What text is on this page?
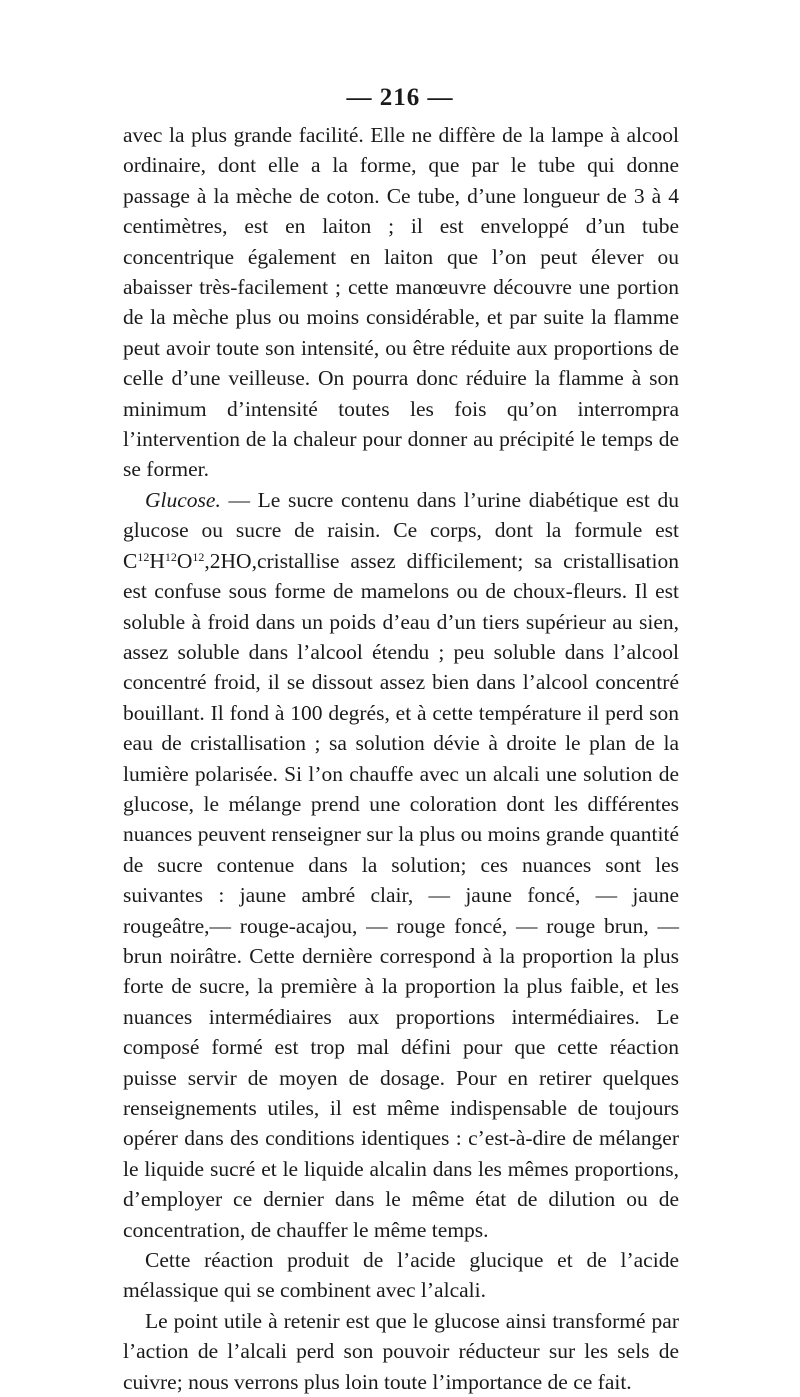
— 216 —

avec la plus grande facilité. Elle ne diffère de la lampe à alcool ordinaire, dont elle a la forme, que par le tube qui donne passage à la mèche de coton. Ce tube, d’une longueur de 3 à 4 centimètres, est en laiton ; il est enveloppé d’un tube concentrique également en laiton que l’on peut élever ou abaisser très-facilement ; cette manœuvre découvre une portion de la mèche plus ou moins considérable, et par suite la flamme peut avoir toute son intensité, ou être réduite aux proportions de celle d’une veilleuse. On pourra donc réduire la flamme à son minimum d’intensité toutes les fois qu’on interrompra l’intervention de la chaleur pour donner au précipité le temps de se former.

Glucose. — Le sucre contenu dans l’urine diabétique est du glucose ou sucre de raisin. Ce corps, dont la formule est $C^{12}H^{12}O^{12},2HO,cristallise$ assez difficilement; sa cristallisation est confuse sous forme de mamelons ou de choux-fleurs. Il est soluble à froid dans un poids d’eau d’un tiers supérieur au sien, assez soluble dans l’alcool étendu ; peu soluble dans l’alcool concentré froid, il se dissout assez bien dans l’alcool concentré bouillant. Il fond à 100 degrés, et à cette température il perd son eau de cristallisation ; sa solution dévie à droite le plan de la lumière polarisée. Si l’on chauffe avec un alcali une solution de glucose, le mélange prend une coloration dont les différentes nuances peuvent renseigner sur la plus ou moins grande quantité de sucre contenue dans la solution; ces nuances sont les suivantes : jaune ambré clair, — jaune foncé, — jaune rougeâtre,— rouge-acajou, — rouge foncé, — rouge brun, — brun noirâtre. Cette dernière correspond à la proportion la plus forte de sucre, la première à la proportion la plus faible, et les nuances intermédiaires aux proportions intermédiaires. Le composé formé est trop mal défini pour que cette réaction puisse servir de moyen de dosage. Pour en retirer quelques renseignements utiles, il est même indispensable de toujours opérer dans des conditions identiques : c’est-à-dire de mélanger le liquide sucré et le liquide alcalin dans les mêmes proportions, d’employer ce dernier dans le même état de dilution ou de concentration, de chauffer le même temps.

Cette réaction produit de l’acide glucique et de l’acide mélassique qui se combinent avec l’alcali.

Le point utile à retenir est que le glucose ainsi transformé par l’action de l’alcali perd son pouvoir réducteur sur les sels de cuivre; nous verrons plus loin toute l’importance de ce fait.
